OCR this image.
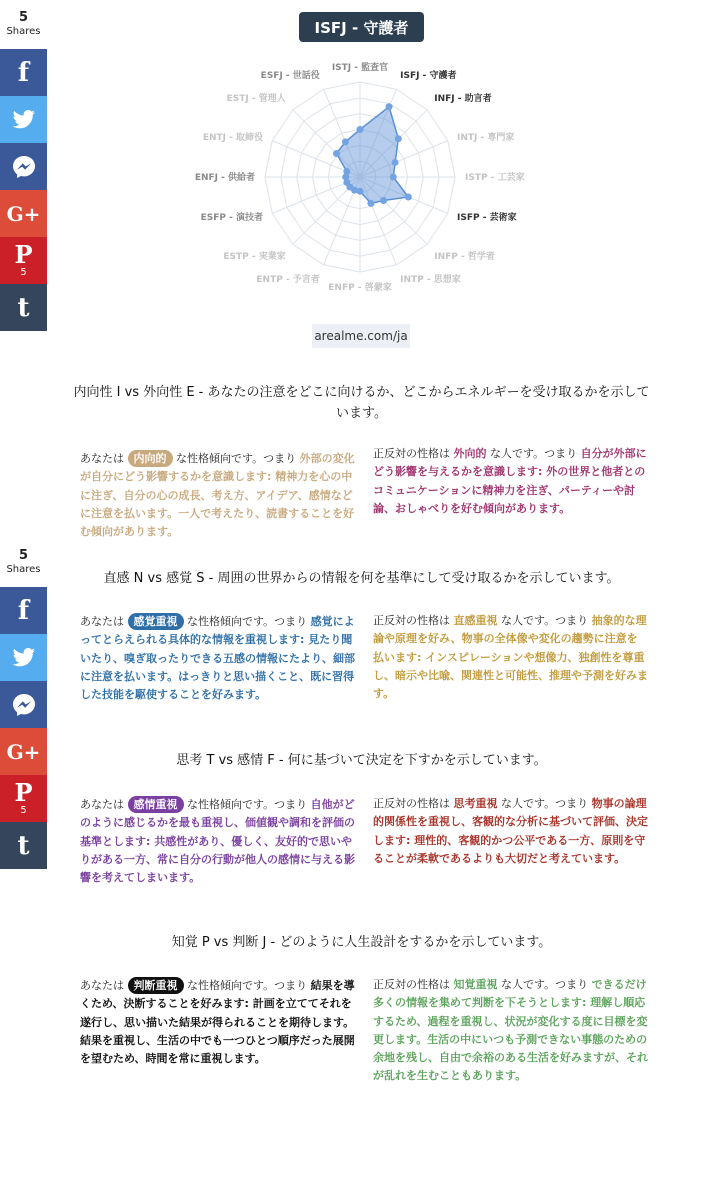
5
Shares
f
G+
P
5
t
5
Shares
f
G+
P
5
t
ISFJ - 守護者
ISTJ - 監査官
ISFJ - 守護者
INFJ - 助言者
INTJ - 専門家
ISTP - 工芸家
ISFP - 芸術家
INFP - 哲学者
INTP - 思想家
ENFP - 啓蒙家
ENTP - 予言者
ESTP - 実業家
ESFP - 演技者
ENFJ - 供給者
ENTJ - 取締役
ESTJ - 管理人
ESFJ - 世話役
arealme.com/ja
内向性 I vs 外向性 E - あなたの注意をどこに向けるか、どこからエネルギーを受け取るかを示しています。
あなたは 内向的 な性格傾向です。つまり 外部の変化が自分にどう影響するかを意識します: 精神力を心の中に注ぎ、自分の心の成長、考え方、アイデア、感情などに注意を払います。一人で考えたり、読書することを好む傾向があります。
正反対の性格は 外向的 な人です。つまり 自分が外部にどう影響を与えるかを意識します: 外の世界と他者とのコミュニケーションに精神力を注ぎ、パーティーや討論、おしゃべりを好む傾向があります。
直感 N vs 感覚 S - 周囲の世界からの情報を何を基準にして受け取るかを示しています。
あなたは 感覚重視 な性格傾向です。つまり 感覚によってとらえられる具体的な情報を重視します: 見たり聞いたり、嗅ぎ取ったりできる五感の情報にたより、細部に注意を払います。はっきりと思い描くこと、既に習得した技能を駆使することを好みます。
正反対の性格は 直感重視 な人です。つまり 抽象的な理論や原理を好み、物事の全体像や変化の趨勢に注意を払います: インスピレーションや想像力、独創性を尊重し、暗示や比喩、関連性と可能性、推理や予測を好みます。
思考 T vs 感情 F - 何に基づいて決定を下すかを示しています。
あなたは 感情重視 な性格傾向です。つまり 自他がどのように感じるかを最も重視し、価値観や調和を評価の基準とします: 共感性があり、優しく、友好的で思いやりがある一方、常に自分の行動が他人の感情に与える影響を考えてしまいます。
正反対の性格は 思考重視 な人です。つまり 物事の論理的関係性を重視し、客観的な分析に基づいて評価、決定します: 理性的、客観的かつ公平である一方、原則を守ることが柔軟であるよりも大切だと考えています。
知覚 P vs 判断 J - どのように人生設計をするかを示しています。
あなたは 判断重視 な性格傾向です。つまり 結果を導くため、決断することを好みます: 計画を立ててそれを遂行し、思い描いた結果が得られることを期待します。結果を重視し、生活の中でも一つひとつ順序だった展開を望むため、時間を常に重視します。
正反対の性格は 知覚重視 な人です。つまり できるだけ多くの情報を集めて判断を下そうとします: 理解し順応するため、過程を重視し、状況が変化する度に目標を変更します。生活の中にいつも予測できない事態のための余地を残し、自由で余裕のある生活を好みますが、それが乱れを生むこともあります。
